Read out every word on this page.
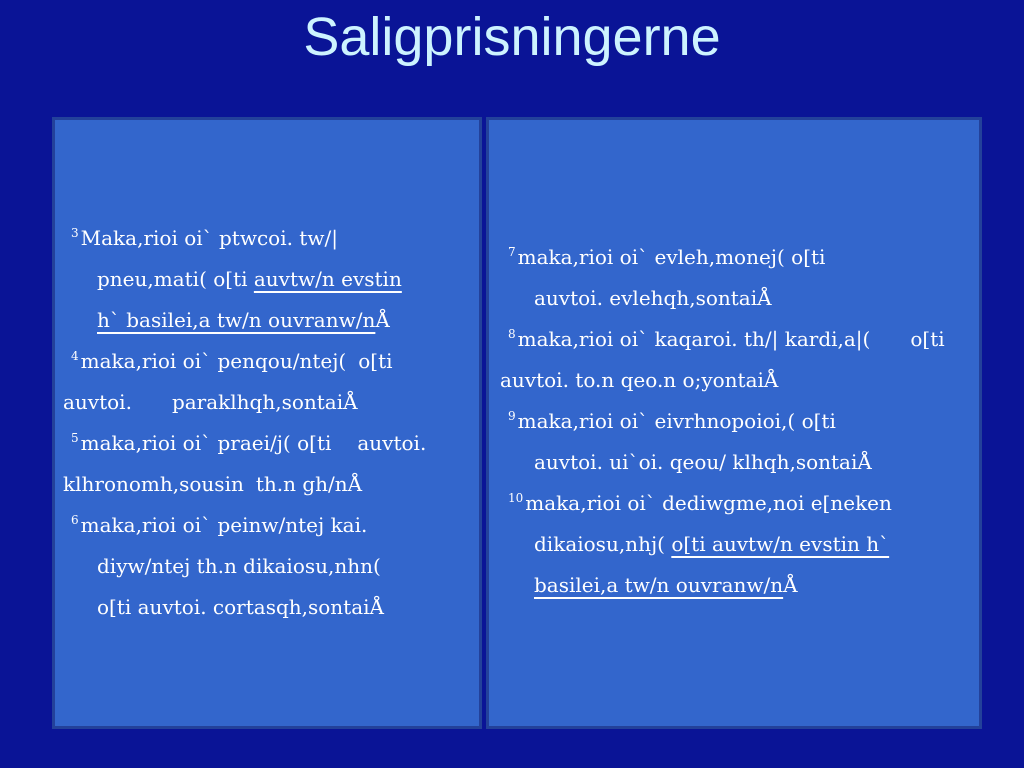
Saligprisningerne
$^3$ Maka,rioi oi` ptwcoi. tw/|
pneu,mati( o[ti auvtw/n evstin
h` basilei,a tw/n ouvranw/nÅ
$^4$ maka,rioi oi` penqou/ntej( o[ti
auvtoi. paraklhqh,sontaiÅ
$^5$ maka,rioi oi` praei/j( o[ti auvtoi.
klhronomh,sousin th.n gh/nÅ
$^6$ maka,rioi oi` peinw/ntej kai.
diyw/ntej th.n dikaiosu,nhn(
o[ti auvtoi. cortasqh,sontaiÅ
$^7$ maka,rioi oi` evleh,monej( o[ti
auvtoi. evlehqh,sontaiÅ
$^8$ maka,rioi oi` kaqaroi. th/| kardi,a|( o[ti
auvtoi. to.n qeo.n o;yontaiÅ
$^9$ maka,rioi oi` eivrhnopoioi,( o[ti
auvtoi. ui`oi. qeou/ klhqh,sontaiÅ
$^{10}$ maka,rioi oi` dediwgme,noi e[neken
dikaiosu,nhj( o[ti auvtw/n evstin h`
basilei,a tw/n ouvranw/nÅ
